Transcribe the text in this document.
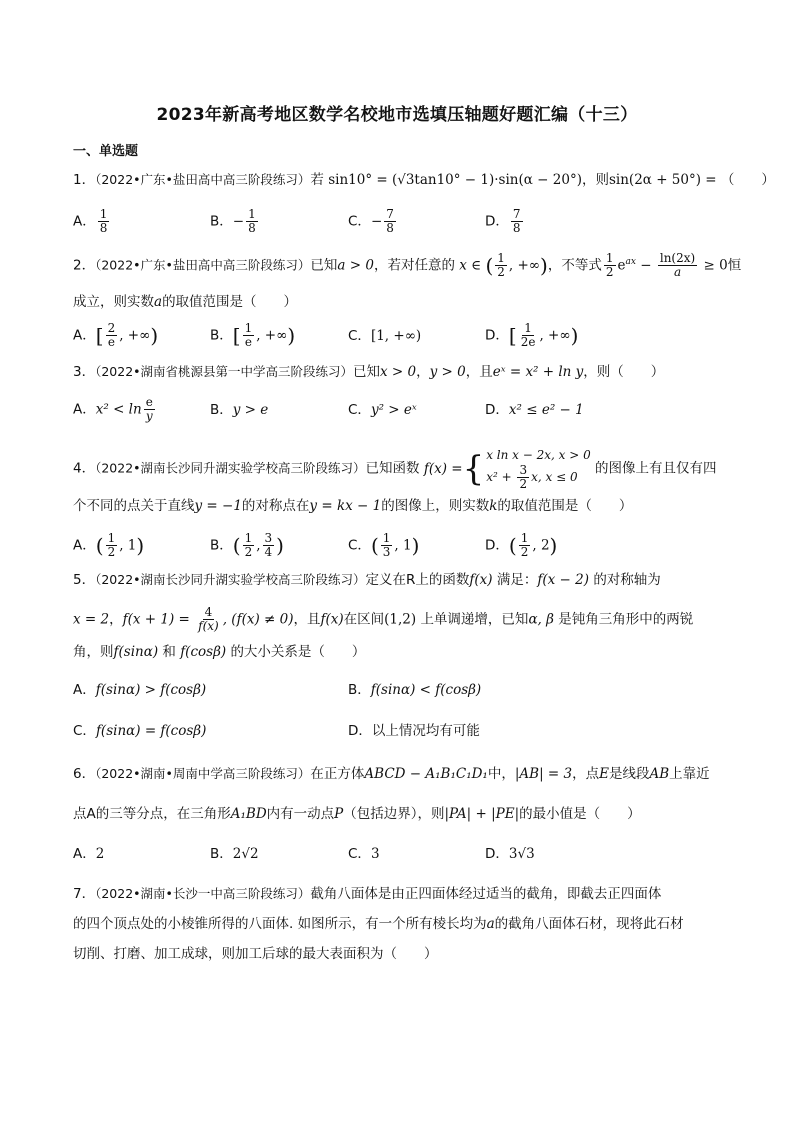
2023年新高考地区数学名校地市选填压轴题好题汇编（十三）
一、单选题
1．（2022•广东•盐田高中高三阶段练习）若 sin10° = (√3tan10° − 1)·sin(α − 20°)，则sin(2α + 50°) = （　　）
A． $\frac{1}{8}$	B．− $\frac{1}{8}$	C．− $\frac{7}{8}$	D． $\frac{7}{8}$
2．（2022•广东•盐田高中高三阶段练习）已知a > 0，若对任意的 x ∈ ( $\frac{1}{2}$ , +∞)，不等式 $\frac{1}{2} e^{ax} - \frac{\ln(2x)}{a} \ge 0$恒
成立，则实数a的取值范围是（　　）
A．[ $\frac{2}{e}$ , +∞)	B．[ $\frac{1}{e}$ , +∞)	C．[1, +∞)	D．[ $\frac{1}{2e}$ , +∞)
3．（2022•湖南省桃源县第一中学高三阶段练习）已知x > 0，y > 0，且eˣ = x² + ln y，则（　　）
A．$x^2 < \ln \frac{e}{y}$	B．y > e	C．y² > eˣ	D．x² ≤ e² − 1
4．（2022•湖南长沙同升湖实验学校高三阶段练习）已知函数 f(x) = { x ln x − 2x, x > 0
$x^2 + \frac{3}{2} x$, x ≤ 0
的图像上有且仅有四
个不同的点关于直线y = −1的对称点在y = kx − 1的图像上，则实数k的取值范围是（　　）
A．( $\frac{1}{2}$ , 1)	B．( $\frac{1}{2}$ , $\frac{3}{4}$ )	C．( $\frac{1}{3}$ , 1)	D．( $\frac{1}{2}$ , 2)
5．（2022•湖南长沙同升湖实验学校高三阶段练习）定义在R上的函数f(x) 满足：f(x − 2) 的对称轴为
x = 2，$f(x + 1) = \frac{4}{f(x)}$ , (f(x) ≠ 0)，且f(x)在区间(1,2) 上单调递增，已知α, β 是钝角三角形中的两锐
角，则f(sinα) 和 f(cosβ) 的大小关系是（　　）
A．f(sinα) > f(cosβ)	B．f(sinα) < f(cosβ)
C．f(sinα) = f(cosβ)	D．以上情况均有可能
6．（2022•湖南•周南中学高三阶段练习）在正方体ABCD − A₁B₁C₁D₁中，|AB| = 3，点E是线段AB上靠近
点A的三等分点，在三角形A₁BD内有一动点P（包括边界），则|PA| + |PE|的最小值是（　　）
A．2	B．2√2	C．3	D．3√3
7．（2022•湖南•长沙一中高三阶段练习）截角八面体是由正四面体经过适当的截角，即截去正四面体
的四个顶点处的小棱锥所得的八面体. 如图所示，有一个所有棱长均为a的截角八面体石材，现将此石材
切削、打磨、加工成球，则加工后球的最大表面积为（　　）
